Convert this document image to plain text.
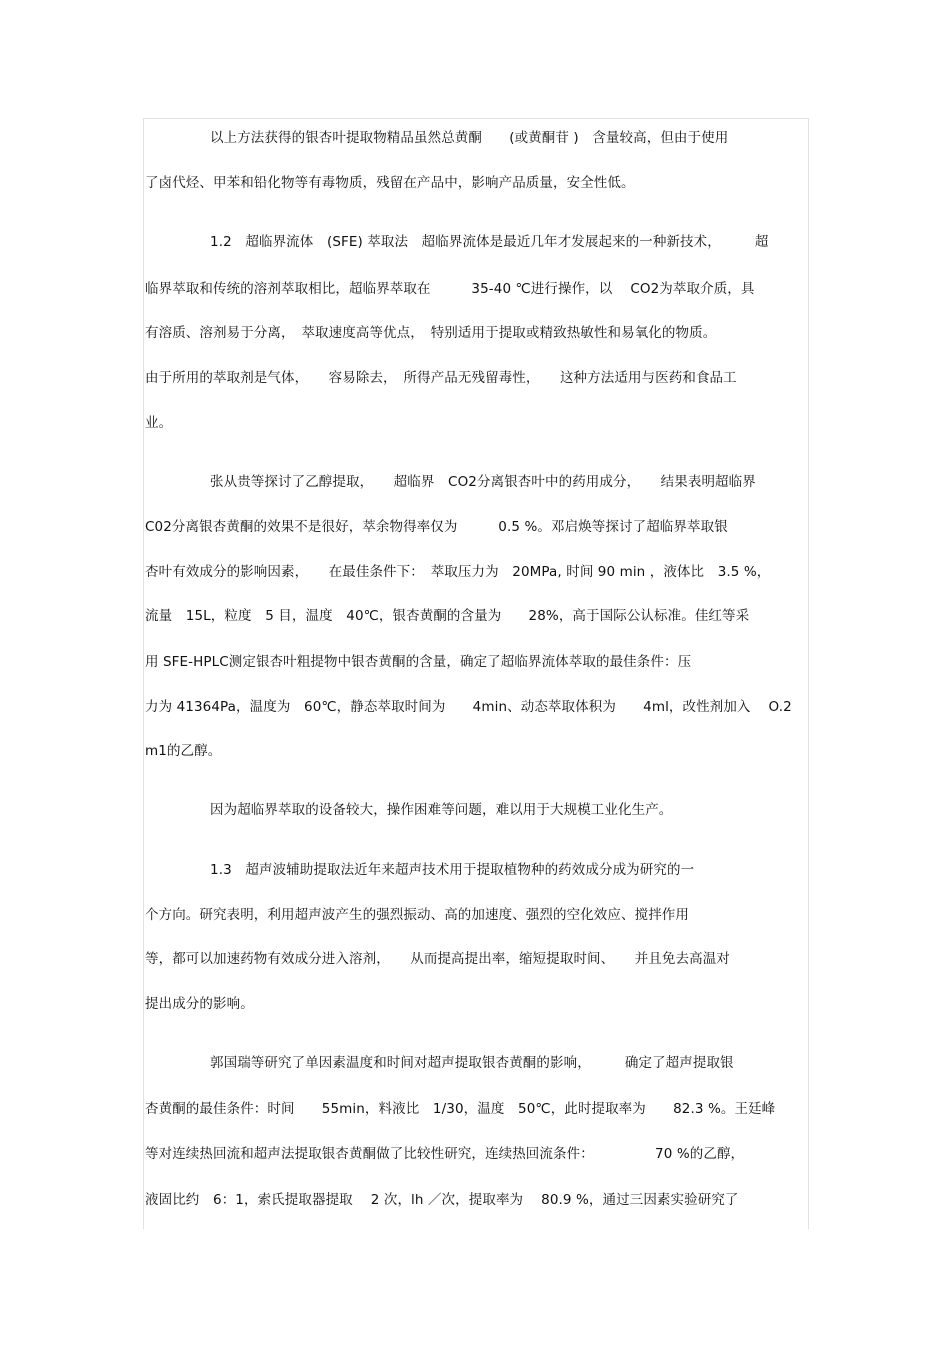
以上方法获得的银杏叶提取物精品虽然总黄酮　　(或黄酮苷 )　含量较高，但由于使用
了卤代烃、甲苯和铅化物等有毒物质，残留在产品中，影响产品质量，安全性低。
1.2　超临界流体　(SFE) 萃取法　超临界流体是最近几年才发展起来的一种新技术，　　　超
临界萃取和传统的溶剂萃取相比，超临界萃取在　　　35-40 ℃进行操作，以　 CO2为萃取介质，具
有溶质、溶剂易于分离，　萃取速度高等优点，　特别适用于提取或精致热敏性和易氧化的物质。
由于所用的萃取剂是气体，　　容易除去，　所得产品无残留毒性，　　这种方法适用与医药和食品工
业。
张从贵等探讨了乙醇提取，　　超临界　CO2分离银杏叶中的药用成分，　　结果表明超临界
C02分离银杏黄酮的效果不是很好，萃余物得率仅为　　　0.5 %。邓启焕等探讨了超临界萃取银
杏叶有效成分的影响因素，　　在最佳条件下：　萃取压力为　20MPa, 时间 90 min ，液体比　3.5 %，
流量　15L，粒度　5 目，温度　40℃，银杏黄酮的含量为　　28%，高于国际公认标准。佳红等采
用 SFE-HPLC测定银杏叶粗提物中银杏黄酮的含量，确定了超临界流体萃取的最佳条件：压
力为 41364Pa，温度为　60℃，静态萃取时间为　　4min、动态萃取体积为　　4ml，改性剂加入　 O.2
m1的乙醇。
因为超临界萃取的设备较大，操作困难等问题，难以用于大规模工业化生产。
1.3　超声波辅助提取法近年来超声技术用于提取植物种的药效成分成为研究的一
个方向。研究表明，利用超声波产生的强烈振动、高的加速度、强烈的空化效应、搅拌作用
等，都可以加速药物有效成分进入溶剂，　　从而提高提出率，缩短提取时间、　　并且免去高温对
提出成分的影响。
郭国瑞等研究了单因素温度和时间对超声提取银杏黄酮的影响，　　　确定了超声提取银
杏黄酮的最佳条件：时间　　55min，料液比　1/30，温度　50℃，此时提取率为　　82.3 %。王廷峰
等对连续热回流和超声法提取银杏黄酮做了比较性研究，连续热回流条件：　　　　　70 %的乙醇，
液固比约　6：1，索氏提取器提取　 2 次，lh ／次，提取率为　 80.9 %，通过三因素实验研究了
